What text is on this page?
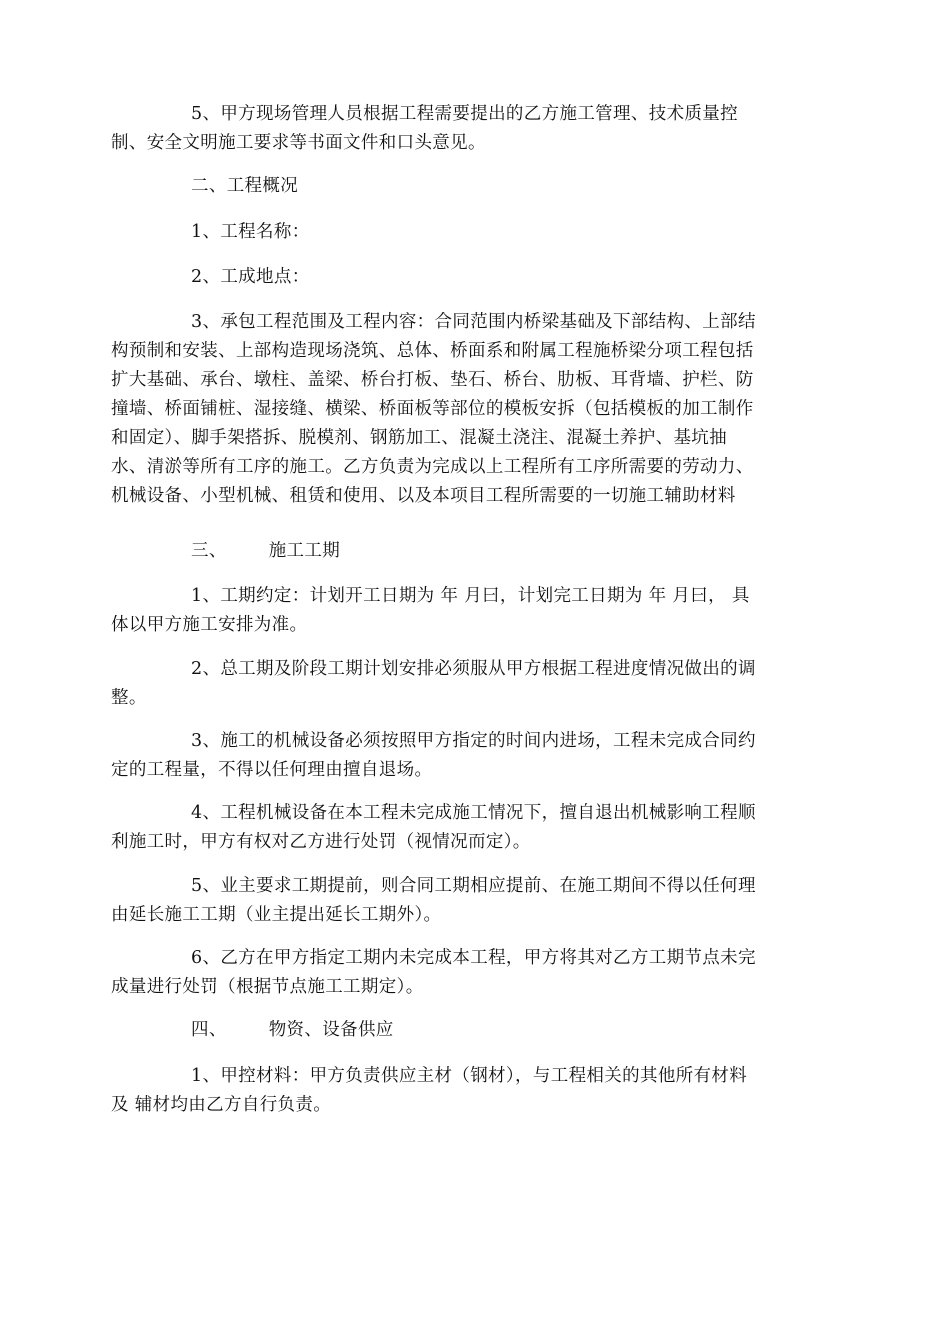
5、甲方现场管理人员根据工程需要提出的乙方施工管理、技术质量控
制、安全文明施工要求等书面文件和口头意见。
二、工程概况
1、工程名称：
2、工成地点：
3、承包工程范围及工程内容：合同范围内桥梁基础及下部结构、上部结
构预制和安装、上部构造现场浇筑、总体、桥面系和附属工程施桥梁分项工程包括
扩大基础、承台、墩柱、盖梁、桥台打板、垫石、桥台、肋板、耳背墙、护栏、防
撞墙、桥面铺桩、湿接缝、横梁、桥面板等部位的模板安拆（包括模板的加工制作
和固定）、脚手架搭拆、脱模剂、钢筋加工、混凝土浇注、混凝土养护、基坑抽
水、清淤等所有工序的施工。乙方负责为完成以上工程所有工序所需要的劳动力、
机械设备、小型机械、租赁和使用、以及本项目工程所需要的一切施工辅助材料
三、 施工工期
1、工期约定：计划开工日期为 年 月曰，计划完工日期为 年 月曰， 具
体以甲方施工安排为准。
2、总工期及阶段工期计划安排必须服从甲方根据工程进度情况做出的调
整。
3、施工的机械设备必须按照甲方指定的时间内进场，工程未完成合同约
定的工程量，不得以任何理由擅自退场。
4、工程机械设备在本工程未完成施工情况下，擅自退出机械影响工程顺
利施工时，甲方有权对乙方进行处罚（视情况而定）。
5、业主要求工期提前，则合同工期相应提前、在施工期间不得以任何理
由延长施工工期（业主提出延长工期外）。
6、乙方在甲方指定工期内未完成本工程，甲方将其对乙方工期节点未完
成量进行处罚（根据节点施工工期定）。
四、 物资、设备供应
1、甲控材料：甲方负责供应主材（钢材），与工程相关的其他所有材料
及 辅材均由乙方自行负责。
